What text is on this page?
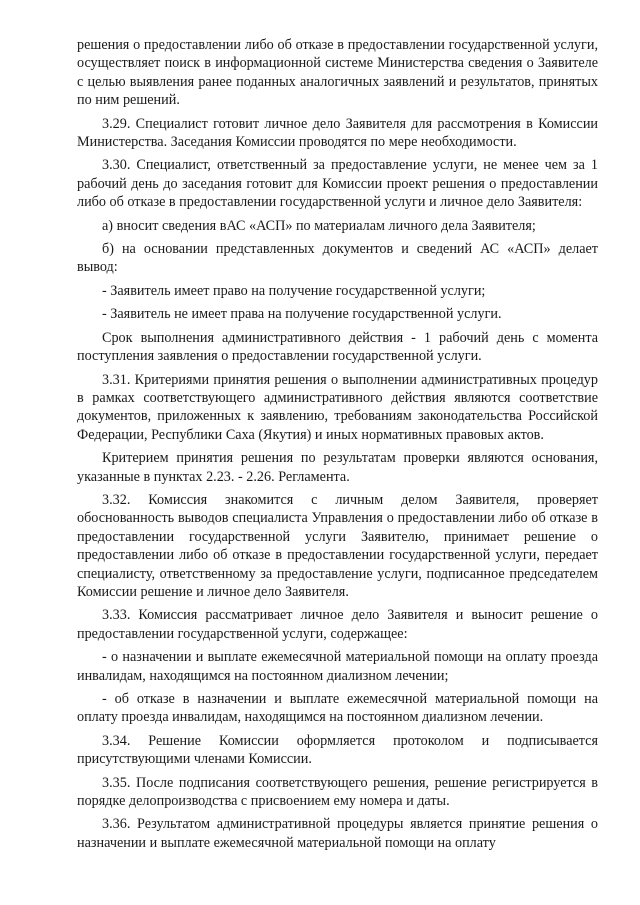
решения о предоставлении либо об отказе в предоставлении государственной услуги, осуществляет поиск в информационной системе Министерства сведения о Заявителе с целью выявления ранее поданных аналогичных заявлений и результатов, принятых по ним решений.

3.29. Специалист готовит личное дело Заявителя для рассмотрения в Комиссии Министерства. Заседания Комиссии проводятся по мере необходимости.

3.30. Специалист, ответственный за предоставление услуги, не менее чем за 1 рабочий день до заседания готовит для Комиссии проект решения о предоставлении либо об отказе в предоставлении государственной услуги и личное дело Заявителя:

а) вносит сведения вАС «АСП» по материалам личного дела Заявителя;

б) на основании представленных документов и сведений АС «АСП» делает вывод:

- Заявитель имеет право на получение государственной услуги;

- Заявитель не имеет права на получение государственной услуги.

Срок выполнения административного действия - 1 рабочий день с момента поступления заявления о предоставлении государственной услуги.

3.31. Критериями принятия решения о выполнении административных процедур в рамках соответствующего административного действия являются соответствие документов, приложенных к заявлению, требованиям законодательства Российской Федерации, Республики Саха (Якутия) и иных нормативных правовых актов.

Критерием принятия решения по результатам проверки являются основания, указанные в пунктах 2.23. - 2.26. Регламента.

3.32. Комиссия знакомится с личным делом Заявителя, проверяет обоснованность выводов специалиста Управления о предоставлении либо об отказе в предоставлении государственной услуги Заявителю, принимает решение о предоставлении либо об отказе в предоставлении государственной услуги, передает специалисту, ответственному за предоставление услуги, подписанное председателем Комиссии решение и личное дело Заявителя.

3.33. Комиссия рассматривает личное дело Заявителя и выносит решение о предоставлении государственной услуги, содержащее:

- о назначении и выплате ежемесячной материальной помощи на оплату проезда инвалидам, находящимся на постоянном диализном лечении;

- об отказе в назначении и выплате ежемесячной материальной помощи на оплату проезда инвалидам, находящимся на постоянном диализном лечении.

3.34. Решение Комиссии оформляется протоколом и подписывается присутствующими членами Комиссии.

3.35. После подписания соответствующего решения, решение регистрируется в порядке делопроизводства с присвоением ему номера и даты.

3.36. Результатом административной процедуры является принятие решения о назначении и выплате ежемесячной материальной помощи на оплату
